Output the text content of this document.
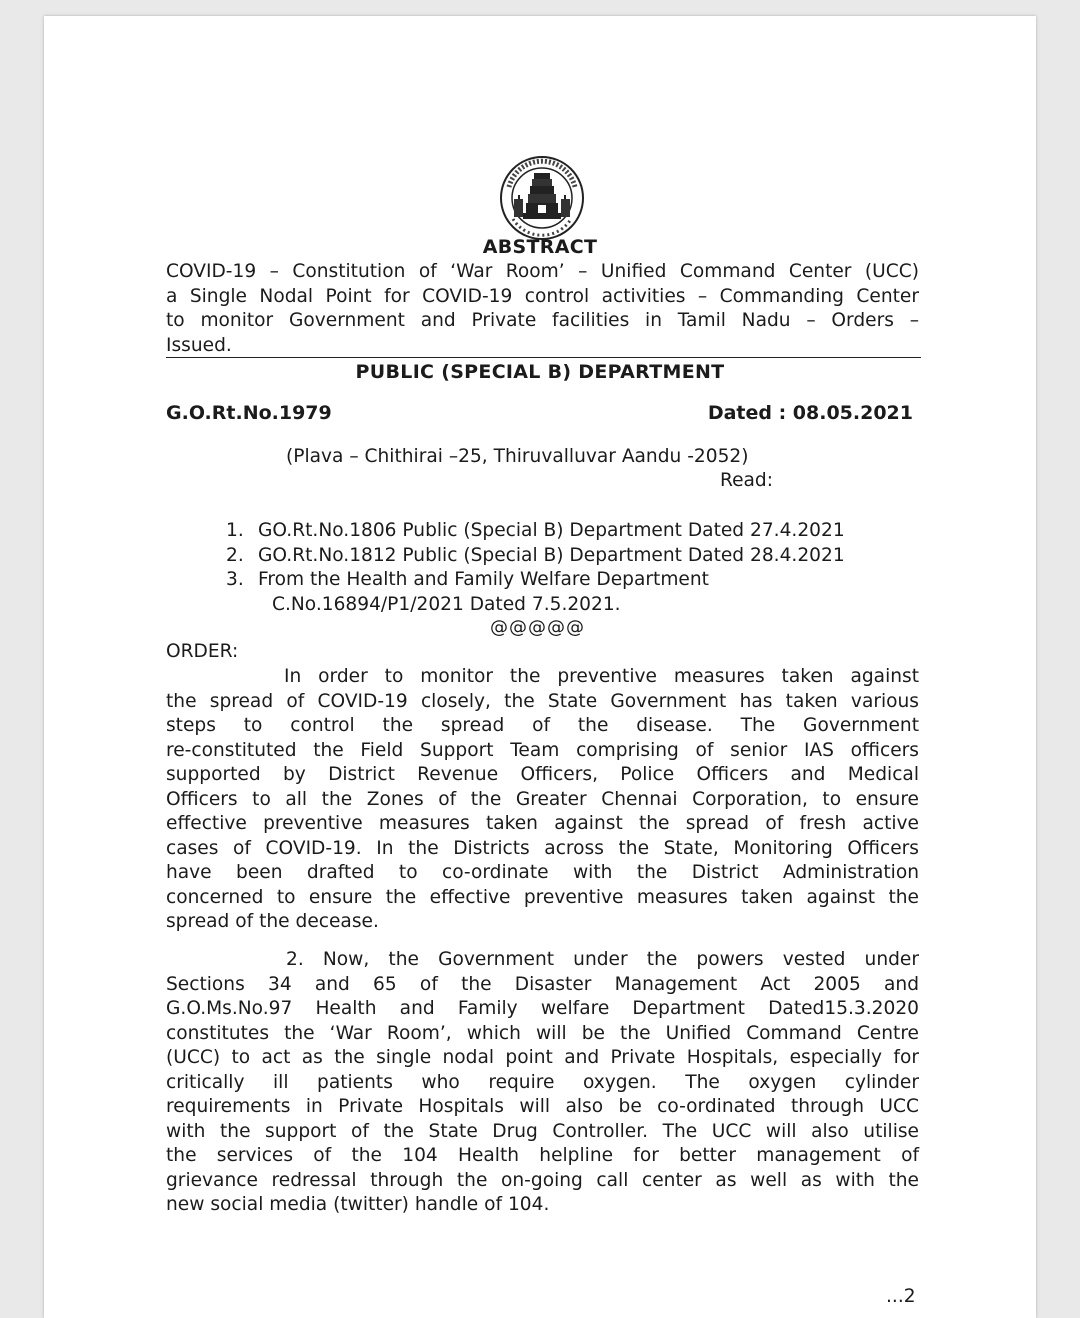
ABSTRACT
COVID-19 – Constitution of ‘War Room’ – Unified Command Center (UCC)
a Single Nodal Point for COVID-19 control activities – Commanding Center
to monitor Government and Private facilities in Tamil Nadu – Orders –
Issued.
PUBLIC (SPECIAL B) DEPARTMENT
G.O.Rt.No.1979	Dated : 08.05.2021
(Plava – Chithirai –25, Thiruvalluvar Aandu -2052)
Read:
1. GO.Rt.No.1806 Public (Special B) Department Dated 27.4.2021
2. GO.Rt.No.1812 Public (Special B) Department Dated 28.4.2021
3. From the Health and Family Welfare Department
C.No.16894/P1/2021 Dated 7.5.2021.
@@@@@
ORDER:
In order to monitor the preventive measures taken against
the spread of COVID-19 closely, the State Government has taken various
steps to control the spread of the disease. The Government
re-constituted the Field Support Team comprising of senior IAS officers
supported by District Revenue Officers, Police Officers and Medical
Officers to all the Zones of the Greater Chennai Corporation, to ensure
effective preventive measures taken against the spread of fresh active
cases of COVID-19. In the Districts across the State, Monitoring Officers
have been drafted to co-ordinate with the District Administration
concerned to ensure the effective preventive measures taken against the
spread of the decease.
2. Now, the Government under the powers vested under
Sections 34 and 65 of the Disaster Management Act 2005 and
G.O.Ms.No.97 Health and Family welfare Department Dated15.3.2020
constitutes the ‘War Room’, which will be the Unified Command Centre
(UCC) to act as the single nodal point and Private Hospitals, especially for
critically ill patients who require oxygen. The oxygen cylinder
requirements in Private Hospitals will also be co-ordinated through UCC
with the support of the State Drug Controller. The UCC will also utilise
the services of the 104 Health helpline for better management of
grievance redressal through the on-going call center as well as with the
new social media (twitter) handle of 104.
...2
